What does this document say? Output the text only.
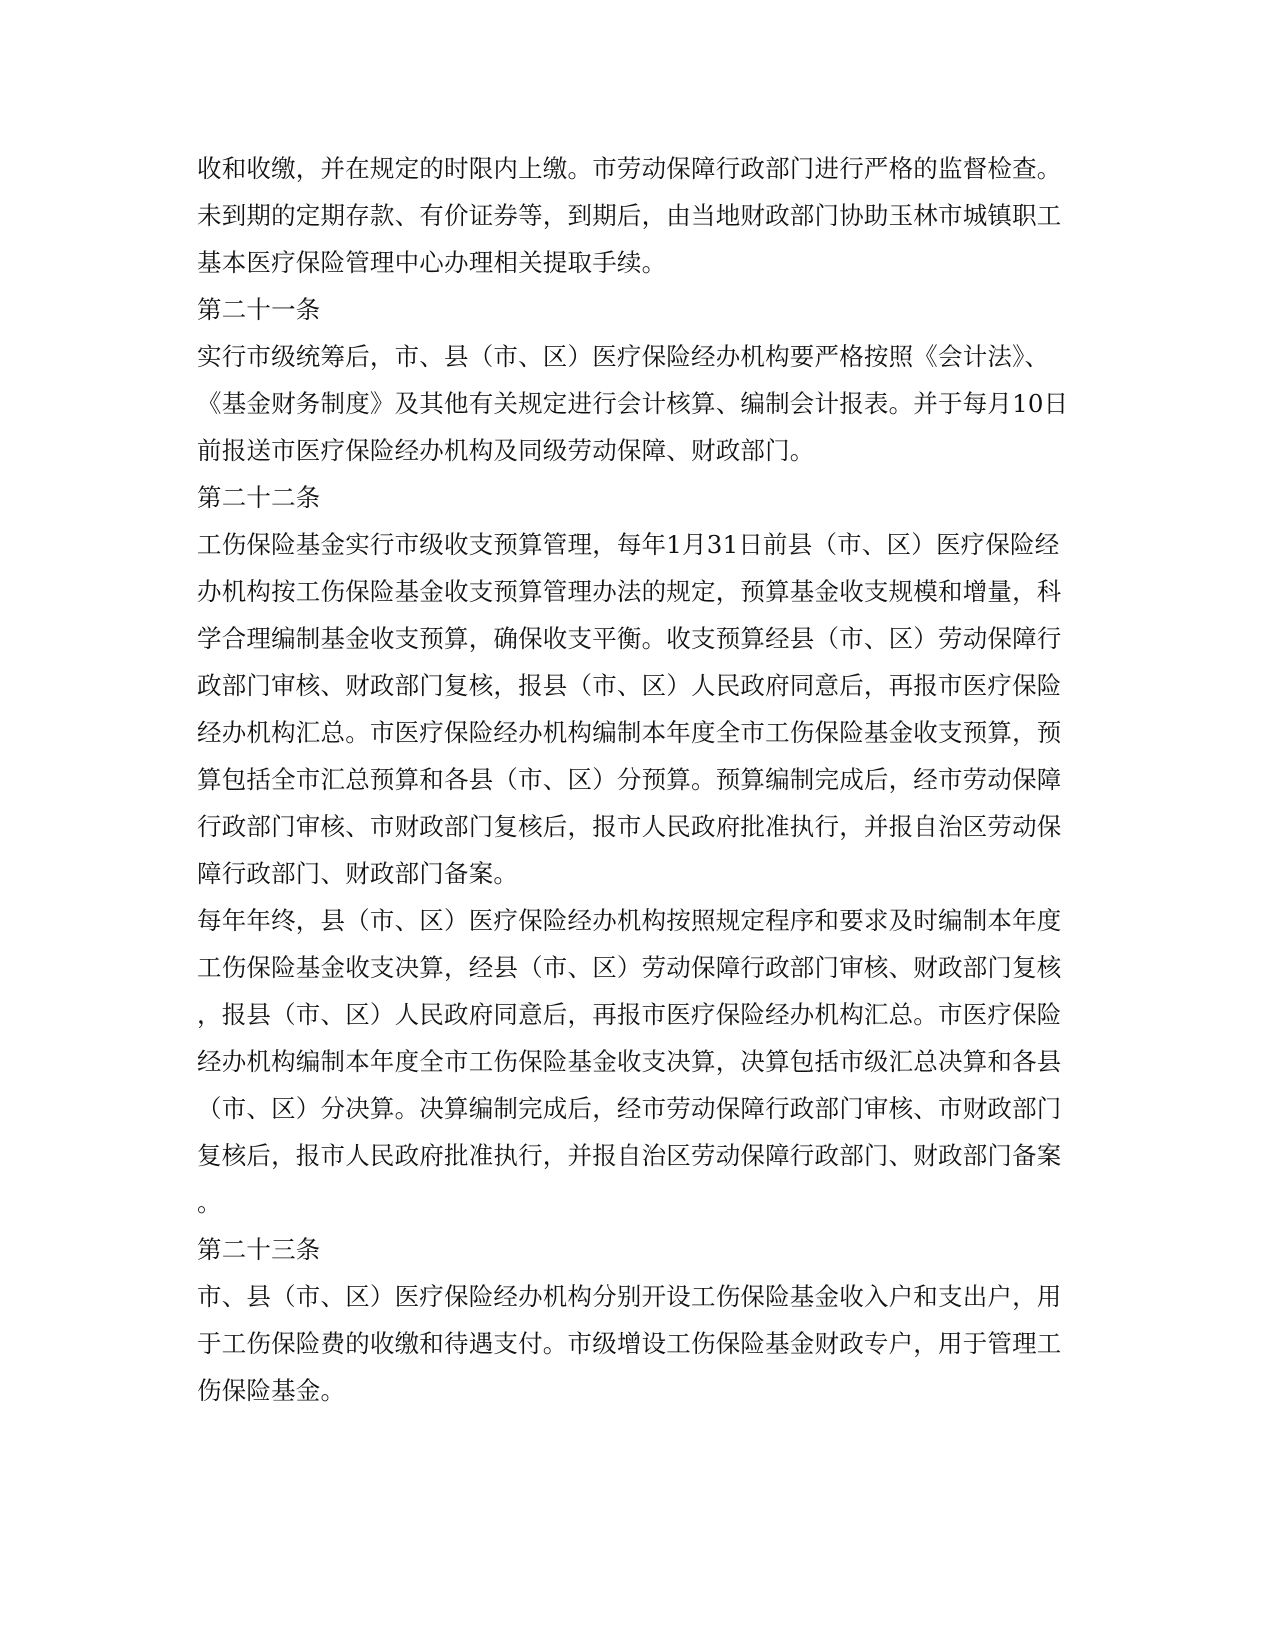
收和收缴，并在规定的时限内上缴。市劳动保障行政部门进行严格的监督检查。
未到期的定期存款、有价证券等，到期后，由当地财政部门协助玉林市城镇职工
基本医疗保险管理中心办理相关提取手续。
第二十一条
实行市级统筹后，市、县（市、区）医疗保险经办机构要严格按照《会计法》、
《基金财务制度》及其他有关规定进行会计核算、编制会计报表。并于每月10日
前报送市医疗保险经办机构及同级劳动保障、财政部门。
第二十二条
工伤保险基金实行市级收支预算管理，每年1月31日前县（市、区）医疗保险经
办机构按工伤保险基金收支预算管理办法的规定，预算基金收支规模和增量，科
学合理编制基金收支预算，确保收支平衡。收支预算经县（市、区）劳动保障行
政部门审核、财政部门复核，报县（市、区）人民政府同意后，再报市医疗保险
经办机构汇总。市医疗保险经办机构编制本年度全市工伤保险基金收支预算，预
算包括全市汇总预算和各县（市、区）分预算。预算编制完成后，经市劳动保障
行政部门审核、市财政部门复核后，报市人民政府批准执行，并报自治区劳动保
障行政部门、财政部门备案。
每年年终，县（市、区）医疗保险经办机构按照规定程序和要求及时编制本年度
工伤保险基金收支决算，经县（市、区）劳动保障行政部门审核、财政部门复核
，报县（市、区）人民政府同意后，再报市医疗保险经办机构汇总。市医疗保险
经办机构编制本年度全市工伤保险基金收支决算，决算包括市级汇总决算和各县
（市、区）分决算。决算编制完成后，经市劳动保障行政部门审核、市财政部门
复核后，报市人民政府批准执行，并报自治区劳动保障行政部门、财政部门备案
。
第二十三条
市、县（市、区）医疗保险经办机构分别开设工伤保险基金收入户和支出户，用
于工伤保险费的收缴和待遇支付。市级增设工伤保险基金财政专户，用于管理工
伤保险基金。
